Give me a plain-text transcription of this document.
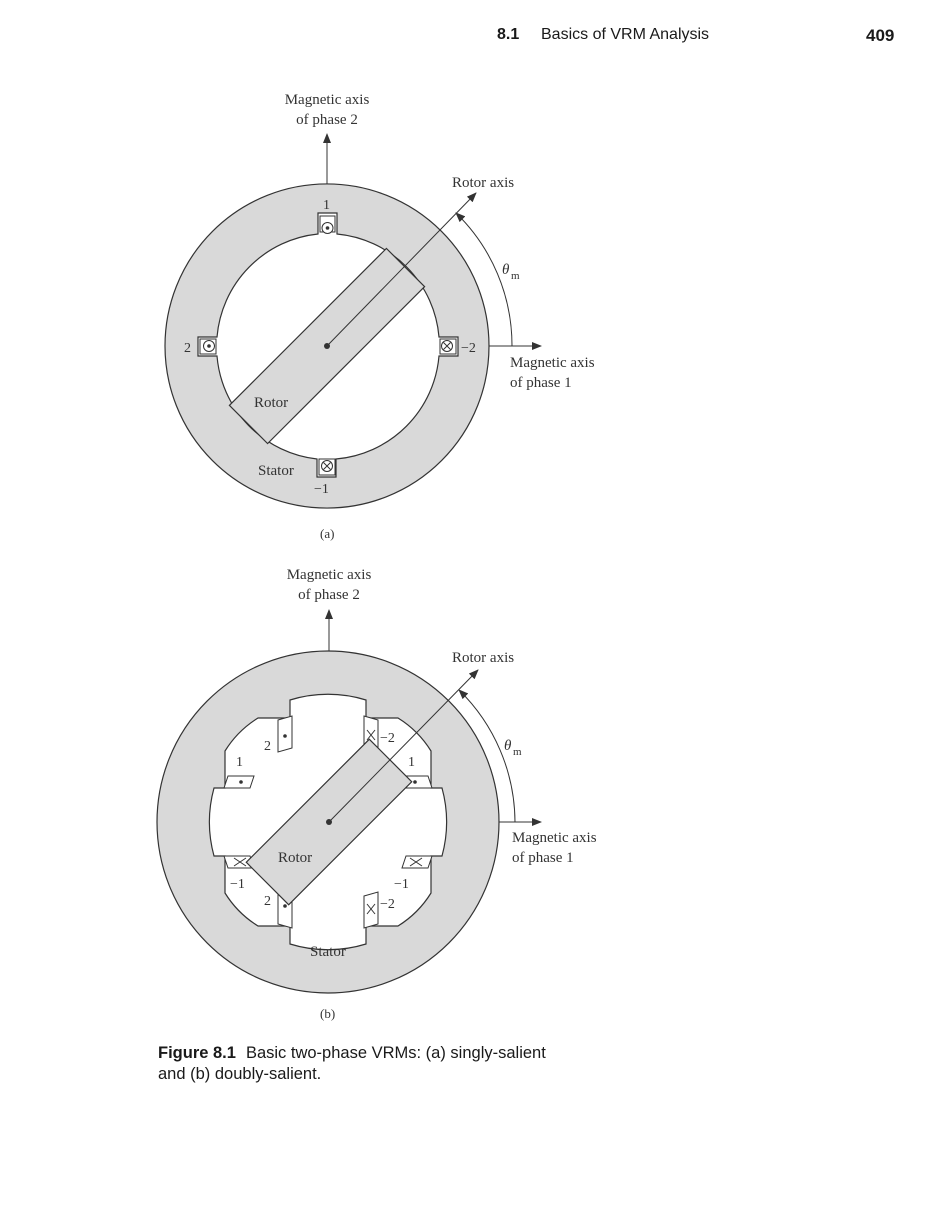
8.1 Basics of VRM Analysis	409
Magnetic axis
of phase 2
Rotor axis
θ m
Magnetic axis
of phase 1
1
2	−2
−1
Rotor
Stator
(a)
Magnetic axis
of phase 2
Rotor axis
θ m
Magnetic axis
of phase 1
2
1
−2
1
−1
2
−1
−2
Rotor
Stator
(b)
Figure 8.1 Basic two-phase VRMs: (a) singly-salient
and (b) doubly-salient.
